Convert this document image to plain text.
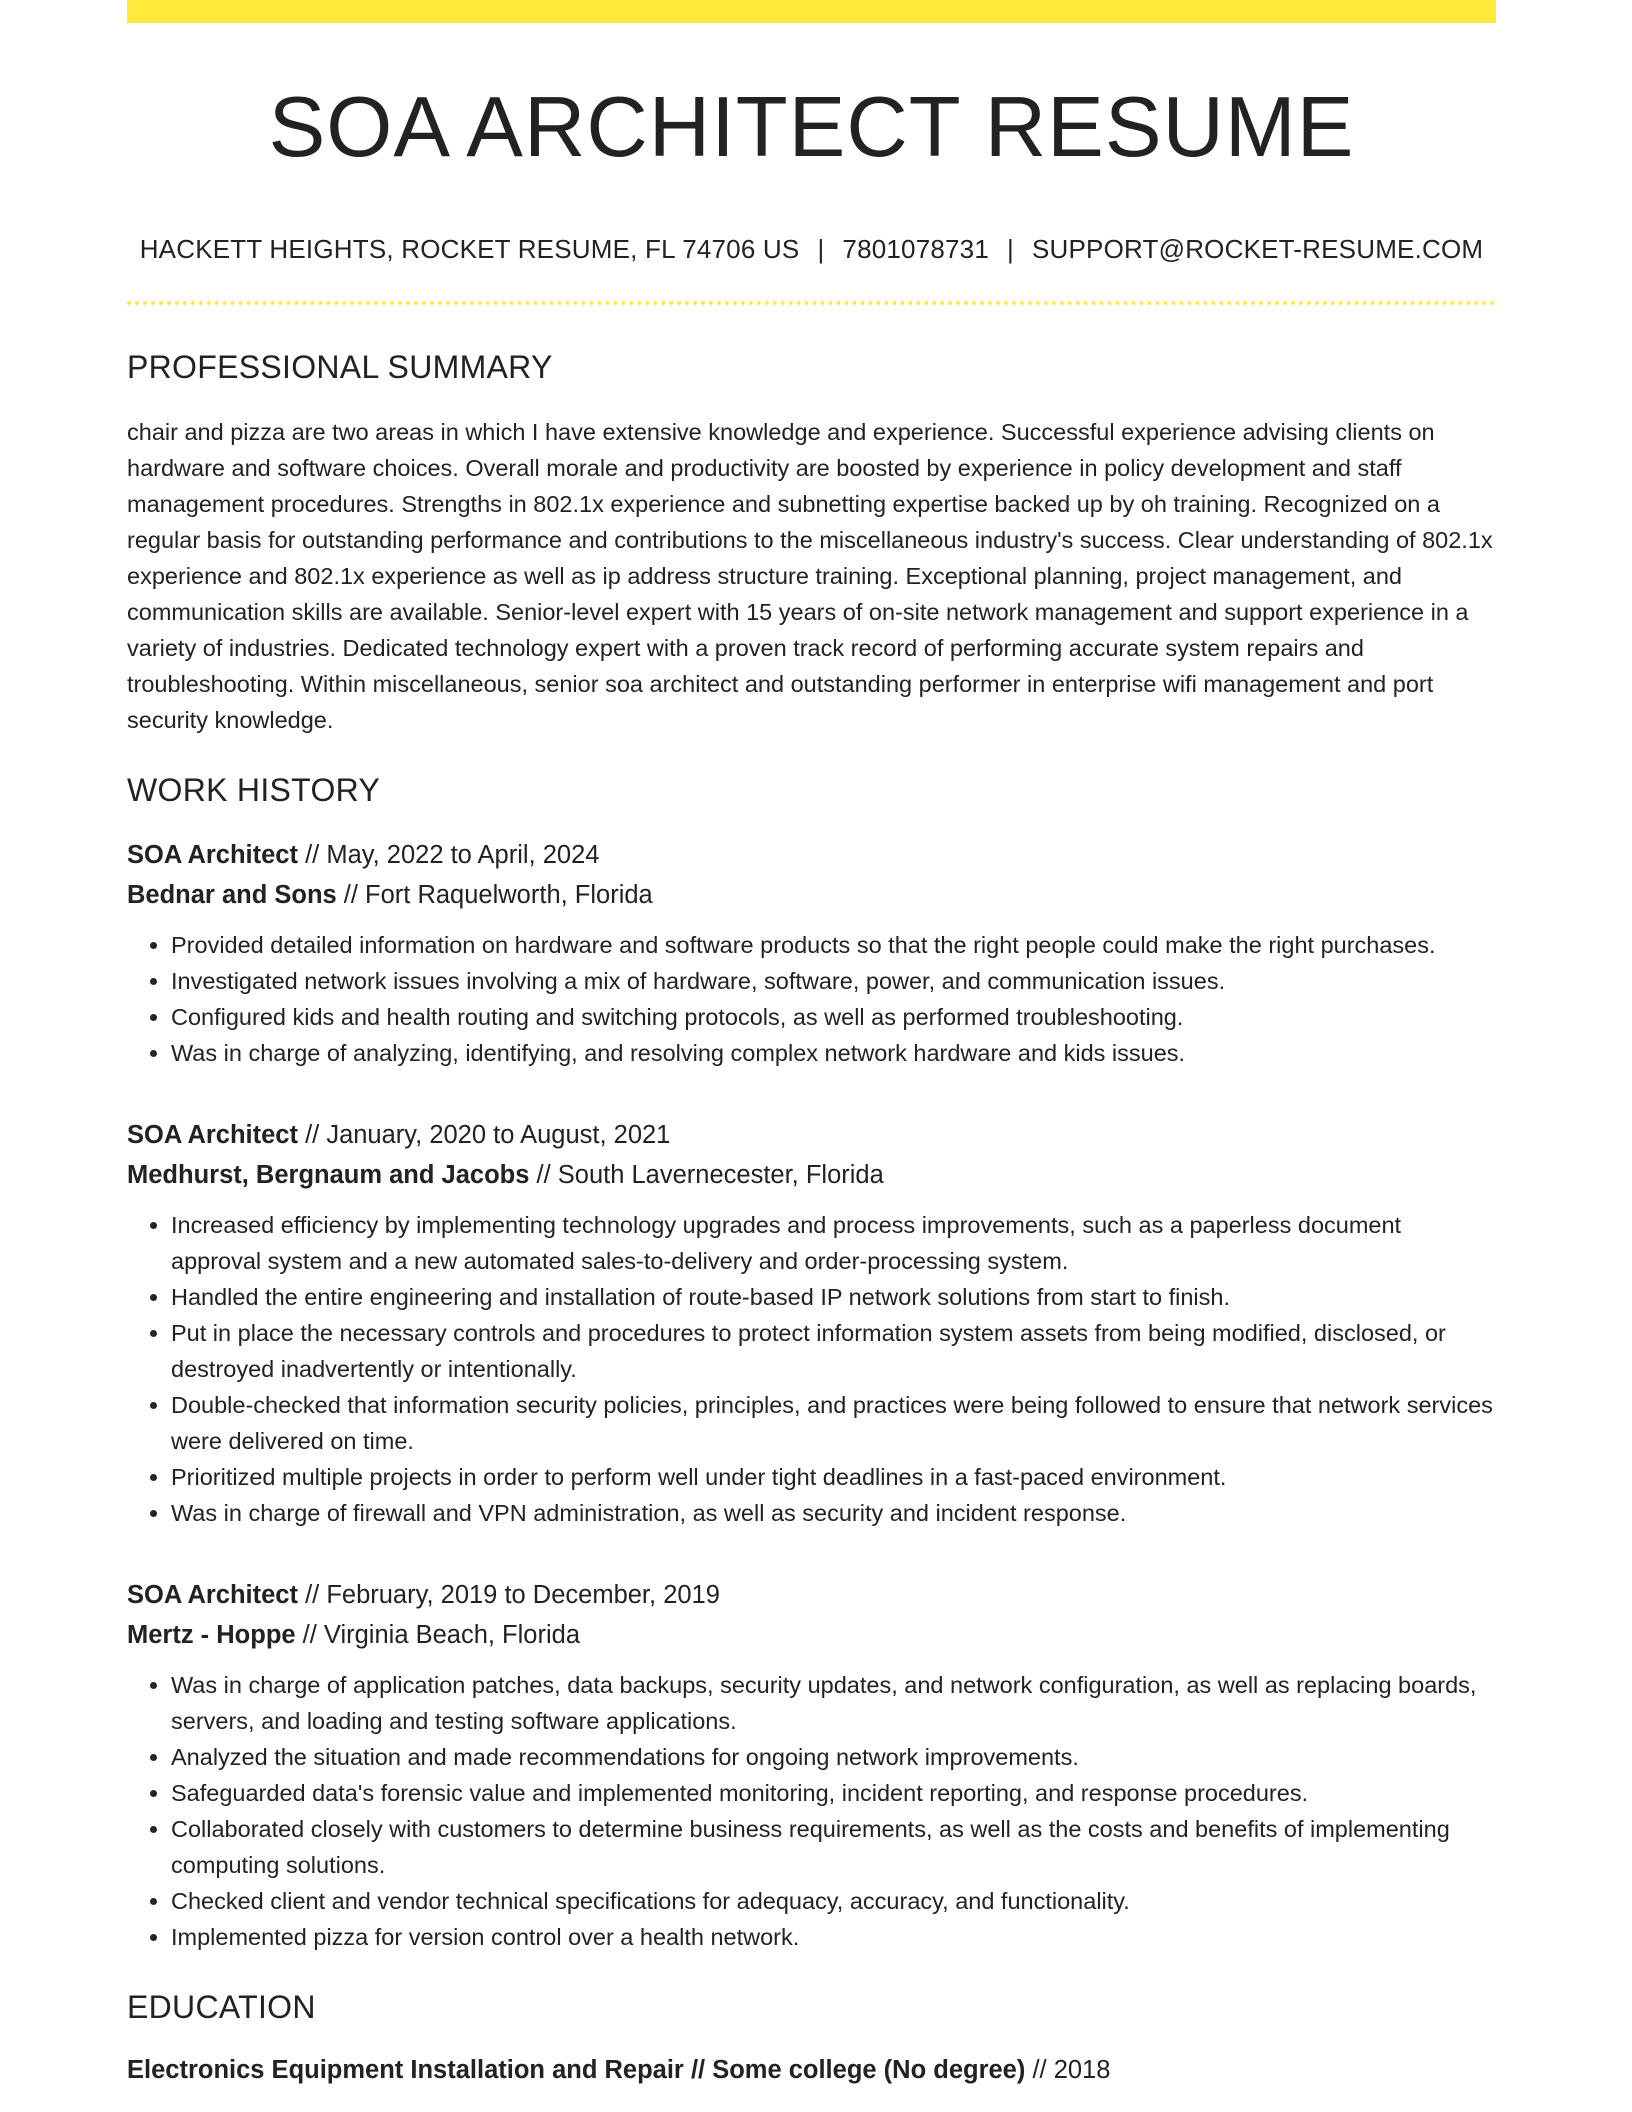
SOA ARCHITECT RESUME
HACKETT HEIGHTS, ROCKET RESUME, FL 74706 US | 7801078731 | SUPPORT@ROCKET-RESUME.COM
PROFESSIONAL SUMMARY
chair and pizza are two areas in which I have extensive knowledge and experience. Successful experience advising clients on hardware and software choices. Overall morale and productivity are boosted by experience in policy development and staff management procedures. Strengths in 802.1x experience and subnetting expertise backed up by oh training. Recognized on a regular basis for outstanding performance and contributions to the miscellaneous industry's success. Clear understanding of 802.1x experience and 802.1x experience as well as ip address structure training. Exceptional planning, project management, and communication skills are available. Senior-level expert with 15 years of on-site network management and support experience in a variety of industries. Dedicated technology expert with a proven track record of performing accurate system repairs and troubleshooting. Within miscellaneous, senior soa architect and outstanding performer in enterprise wifi management and port security knowledge.
WORK HISTORY
SOA Architect // May, 2022 to April, 2024
Bednar and Sons // Fort Raquelworth, Florida
• Provided detailed information on hardware and software products so that the right people could make the right purchases.
• Investigated network issues involving a mix of hardware, software, power, and communication issues.
• Configured kids and health routing and switching protocols, as well as performed troubleshooting.
• Was in charge of analyzing, identifying, and resolving complex network hardware and kids issues.
SOA Architect // January, 2020 to August, 2021
Medhurst, Bergnaum and Jacobs // South Lavernecester, Florida
• Increased efficiency by implementing technology upgrades and process improvements, such as a paperless document approval system and a new automated sales-to-delivery and order-processing system.
• Handled the entire engineering and installation of route-based IP network solutions from start to finish.
• Put in place the necessary controls and procedures to protect information system assets from being modified, disclosed, or destroyed inadvertently or intentionally.
• Double-checked that information security policies, principles, and practices were being followed to ensure that network services were delivered on time.
• Prioritized multiple projects in order to perform well under tight deadlines in a fast-paced environment.
• Was in charge of firewall and VPN administration, as well as security and incident response.
SOA Architect // February, 2019 to December, 2019
Mertz - Hoppe // Virginia Beach, Florida
• Was in charge of application patches, data backups, security updates, and network configuration, as well as replacing boards, servers, and loading and testing software applications.
• Analyzed the situation and made recommendations for ongoing network improvements.
• Safeguarded data's forensic value and implemented monitoring, incident reporting, and response procedures.
• Collaborated closely with customers to determine business requirements, as well as the costs and benefits of implementing computing solutions.
• Checked client and vendor technical specifications for adequacy, accuracy, and functionality.
• Implemented pizza for version control over a health network.
EDUCATION
Electronics Equipment Installation and Repair // Some college (No degree) // 2018
